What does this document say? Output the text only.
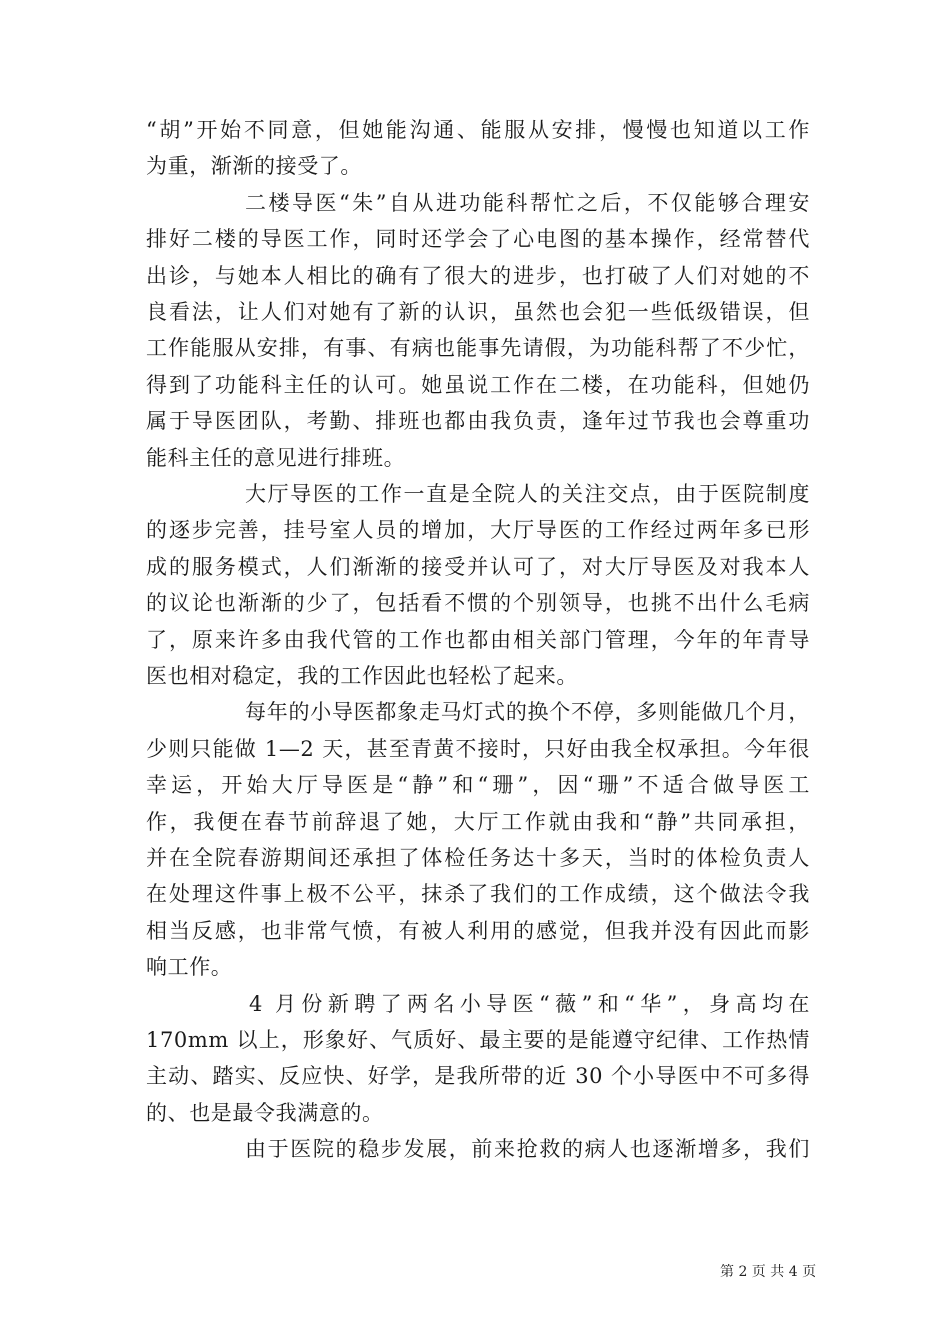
“胡”开始不同意，但她能沟通、能服从安排，慢慢也知道以工作
为重，渐渐的接受了。
二楼导医“朱”自从进功能科帮忙之后，不仅能够合理安
排好二楼的导医工作，同时还学会了心电图的基本操作，经常替代
出诊，与她本人相比的确有了很大的进步，也打破了人们对她的不
良看法，让人们对她有了新的认识，虽然也会犯一些低级错误，但
工作能服从安排，有事、有病也能事先请假，为功能科帮了不少忙，
得到了功能科主任的认可。她虽说工作在二楼，在功能科，但她仍
属于导医团队，考勤、排班也都由我负责，逢年过节我也会尊重功
能科主任的意见进行排班。
大厅导医的工作一直是全院人的关注交点，由于医院制度
的逐步完善，挂号室人员的增加，大厅导医的工作经过两年多已形
成的服务模式，人们渐渐的接受并认可了，对大厅导医及对我本人
的议论也渐渐的少了，包括看不惯的个别领导，也挑不出什么毛病
了，原来许多由我代管的工作也都由相关部门管理，今年的年青导
医也相对稳定，我的工作因此也轻松了起来。
每年的小导医都象走马灯式的换个不停，多则能做几个月，
少则只能做 1—2 天，甚至青黄不接时，只好由我全权承担。今年很
幸运，开始大厅导医是“静”和“珊”，因“珊”不适合做导医工
作，我便在春节前辞退了她，大厅工作就由我和“静”共同承担，
并在全院春游期间还承担了体检任务达十多天，当时的体检负责人
在处理这件事上极不公平，抹杀了我们的工作成绩，这个做法令我
相当反感，也非常气愤，有被人利用的感觉，但我并没有因此而影
响工作。
4 月份新聘了两名小导医“薇”和“华”，身高均在
170mm 以上，形象好、气质好、最主要的是能遵守纪律、工作热情
主动、踏实、反应快、好学，是我所带的近 30 个小导医中不可多得
的、也是最令我满意的。
由于医院的稳步发展，前来抢救的病人也逐渐增多，我们
第 2 页 共 4 页
